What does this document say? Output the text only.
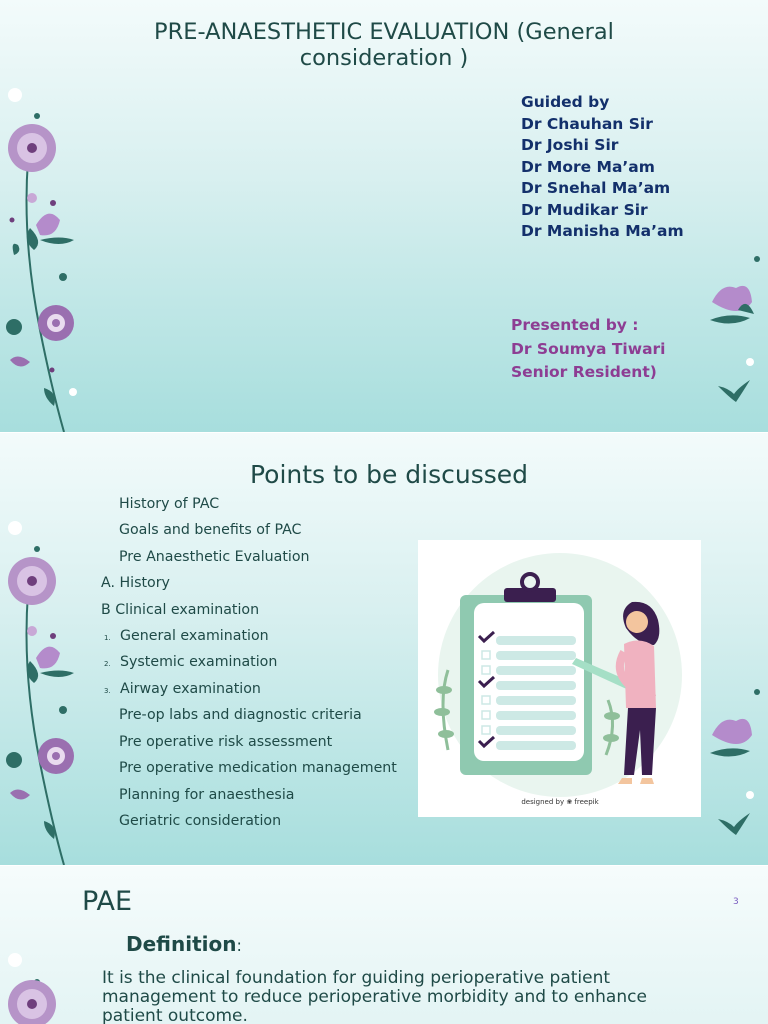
PRE-ANAESTHETIC EVALUATION (General
consideration )
Guided by
Dr Chauhan Sir
Dr Joshi Sir
Dr More Ma’am
Dr Snehal Ma’am
Dr Mudikar Sir
Dr Manisha Ma’am
Presented by :
Dr Soumya Tiwari
Senior Resident)
Points to be discussed
History of PAC
Goals and benefits of PAC
Pre Anaesthetic Evaluation
A. History
B Clinical examination
1. General examination
2. Systemic examination
3. Airway examination
Pre-op labs and diagnostic criteria
Pre operative risk assessment
Pre operative medication management
Planning for anaesthesia
Geriatric consideration
designed by ❀ freepik
PAE	3
Definition:
It is the clinical foundation for guiding perioperative patient management to reduce perioperative morbidity and to enhance patient outcome.
